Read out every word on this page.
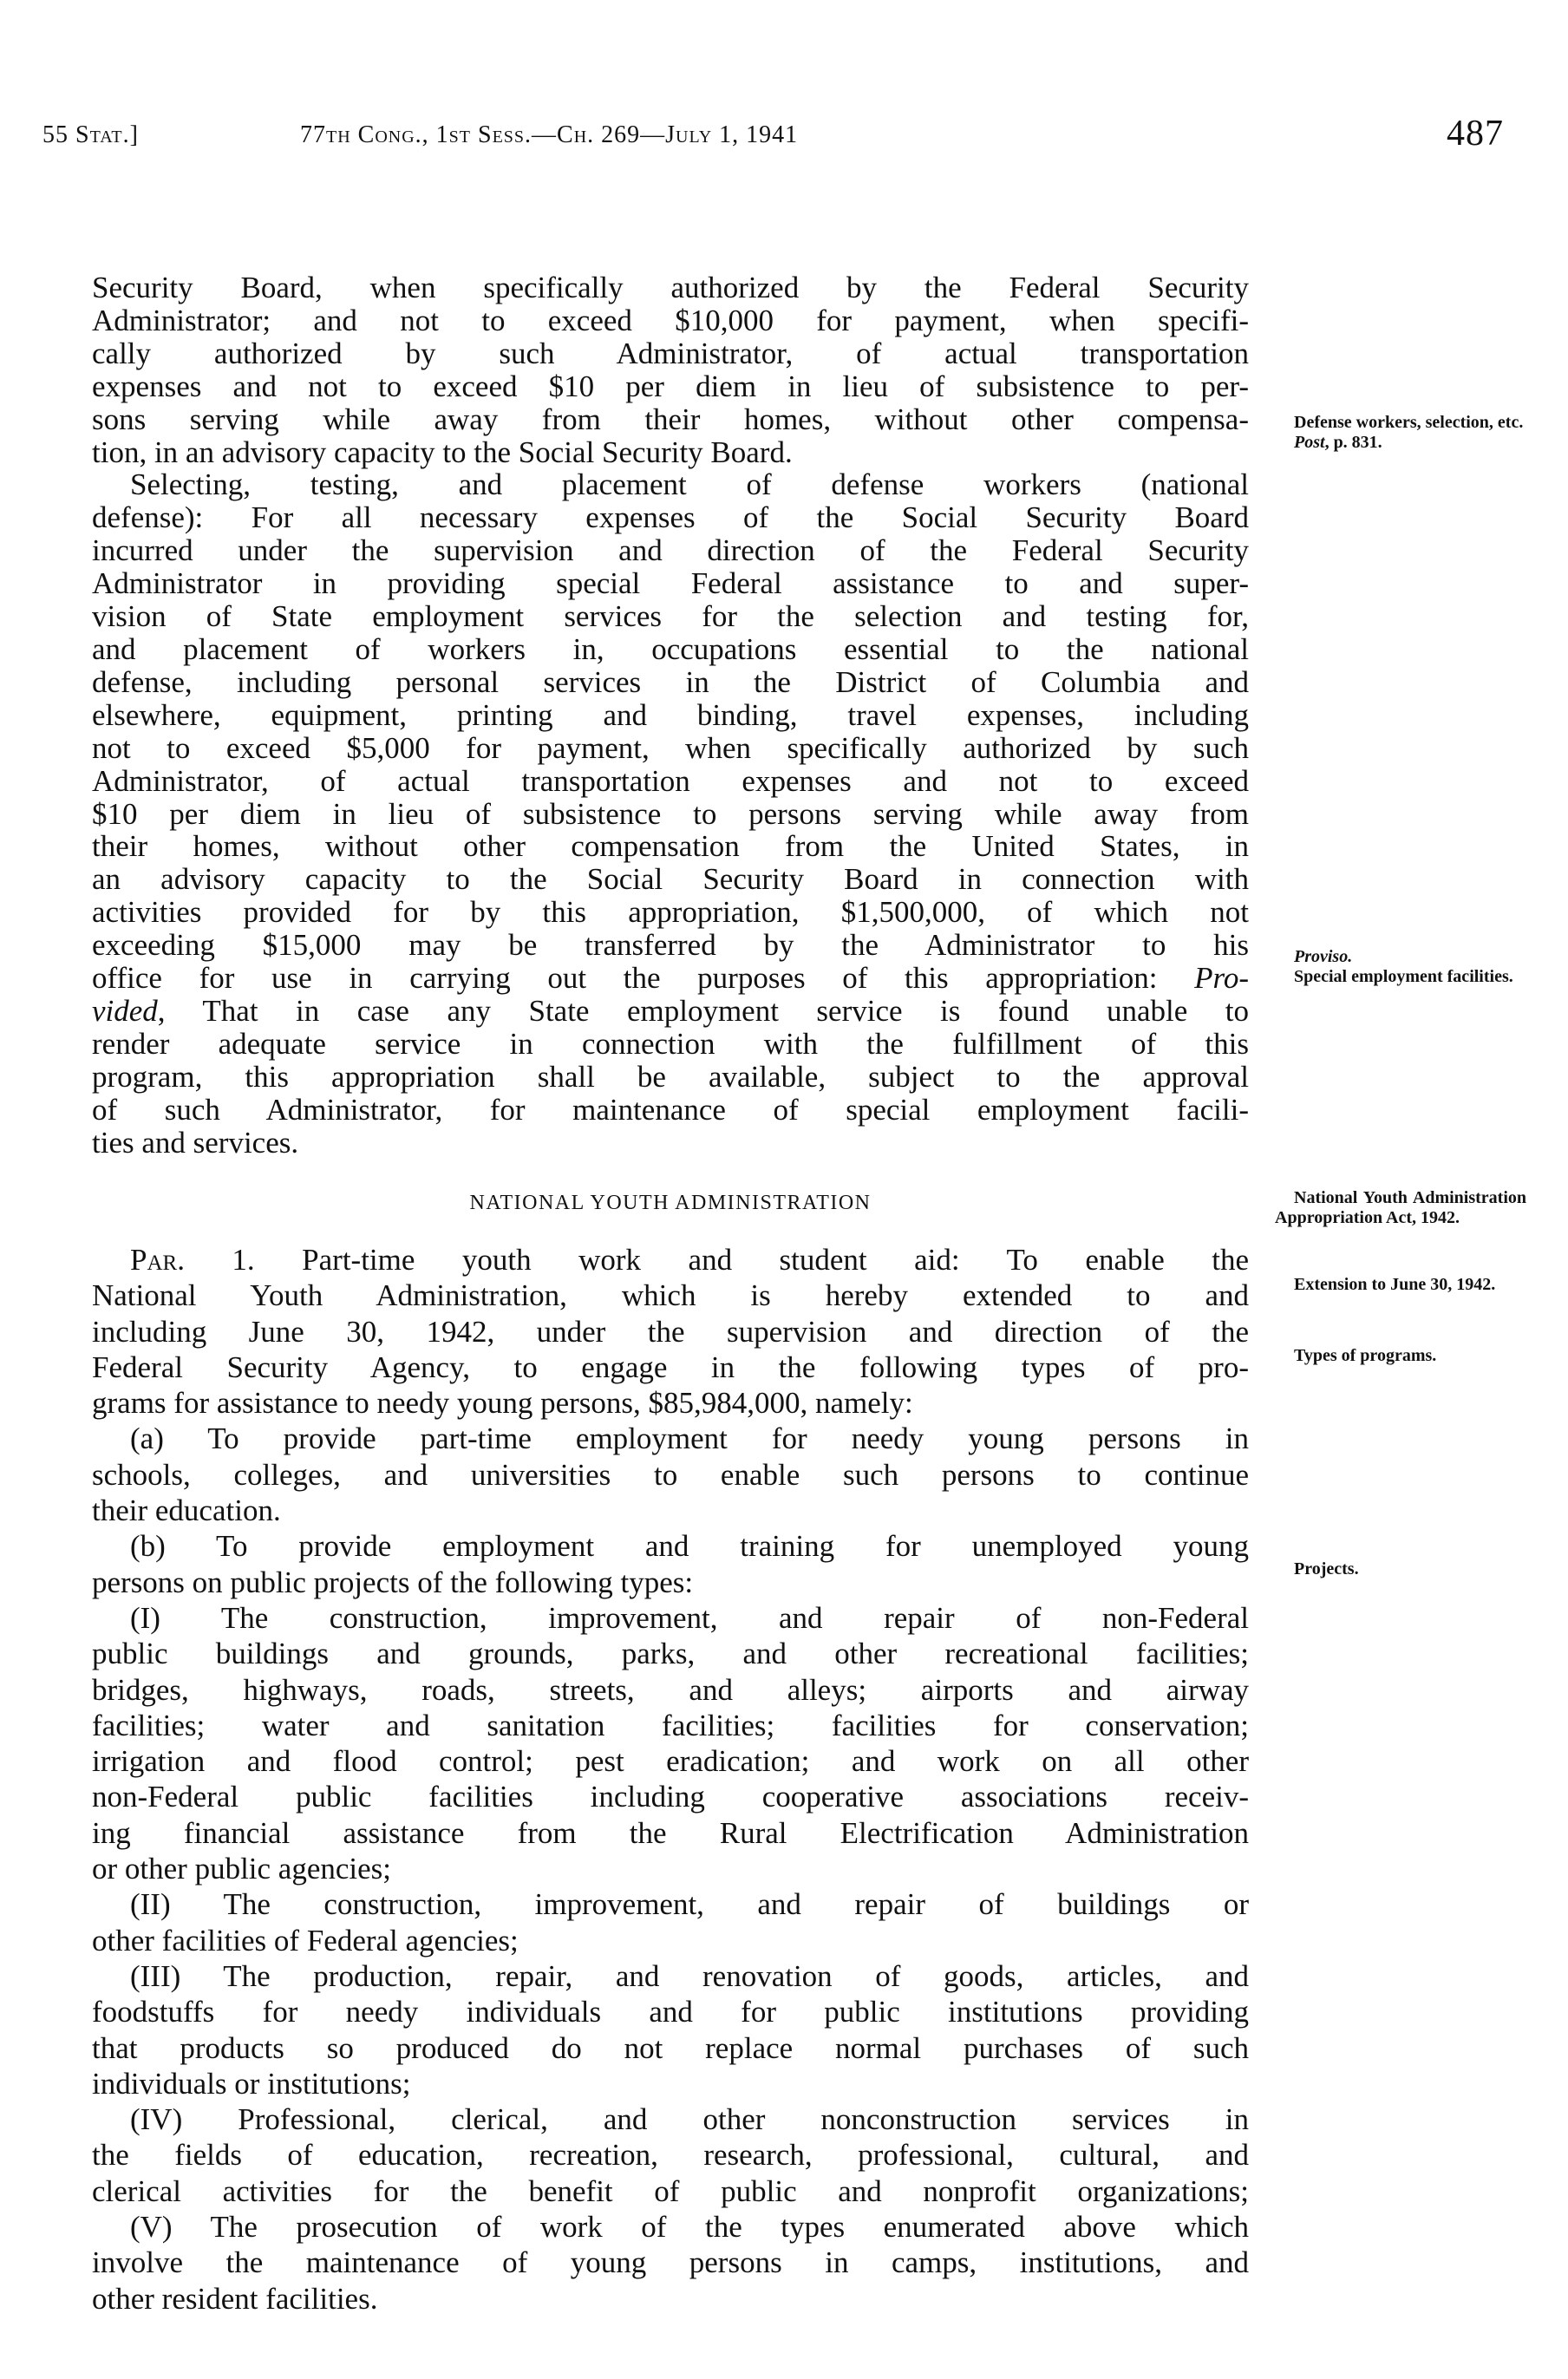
55 Stat.]	77th Cong., 1st Sess.—Ch. 269—July 1, 1941	487
Security Board, when specifically authorized by the Federal Security
Administrator; and not to exceed $10,000 for payment, when specifi-
cally authorized by such Administrator, of actual transportation
expenses and not to exceed $10 per diem in lieu of subsistence to per-
sons serving while away from their homes, without other compensa-
tion, in an advisory capacity to the Social Security Board.
Selecting, testing, and placement of defense workers (national
defense): For all necessary expenses of the Social Security Board
incurred under the supervision and direction of the Federal Security
Administrator in providing special Federal assistance to and super-
vision of State employment services for the selection and testing for,
and placement of workers in, occupations essential to the national
defense, including personal services in the District of Columbia and
elsewhere, equipment, printing and binding, travel expenses, including
not to exceed $5,000 for payment, when specifically authorized by such
Administrator, of actual transportation expenses and not to exceed
$10 per diem in lieu of subsistence to persons serving while away from
their homes, without other compensation from the United States, in
an advisory capacity to the Social Security Board in connection with
activities provided for by this appropriation, $1,500,000, of which not
exceeding $15,000 may be transferred by the Administrator to his
office for use in carrying out the purposes of this appropriation: Pro-
vided, That in case any State employment service is found unable to
render adequate service in connection with the fulfillment of this
program, this appropriation shall be available, subject to the approval
of such Administrator, for maintenance of special employment facili-
ties and services.
NATIONAL YOUTH ADMINISTRATION
Par. 1. Part-time youth work and student aid: To enable the
National Youth Administration, which is hereby extended to and
including June 30, 1942, under the supervision and direction of the
Federal Security Agency, to engage in the following types of pro-
grams for assistance to needy young persons, $85,984,000, namely:
(a) To provide part-time employment for needy young persons in
schools, colleges, and universities to enable such persons to continue
their education.
(b) To provide employment and training for unemployed young
persons on public projects of the following types:
(I) The construction, improvement, and repair of non-Federal
public buildings and grounds, parks, and other recreational facilities;
bridges, highways, roads, streets, and alleys; airports and airway
facilities; water and sanitation facilities; facilities for conservation;
irrigation and flood control; pest eradication; and work on all other
non-Federal public facilities including cooperative associations receiv-
ing financial assistance from the Rural Electrification Administration
or other public agencies;
(II) The construction, improvement, and repair of buildings or
other facilities of Federal agencies;
(III) The production, repair, and renovation of goods, articles, and
foodstuffs for needy individuals and for public institutions providing
that products so produced do not replace normal purchases of such
individuals or institutions;
(IV) Professional, clerical, and other nonconstruction services in
the fields of education, recreation, research, professional, cultural, and
clerical activities for the benefit of public and nonprofit organizations;
(V) The prosecution of work of the types enumerated above which
involve the maintenance of young persons in camps, institutions, and
other resident facilities.
Defense workers, selection, etc.
Post, p. 831.
Proviso.
Special employment facilities.
National Youth Administration Appropriation Act, 1942.
Extension to June 30, 1942.
Types of programs.
Projects.
